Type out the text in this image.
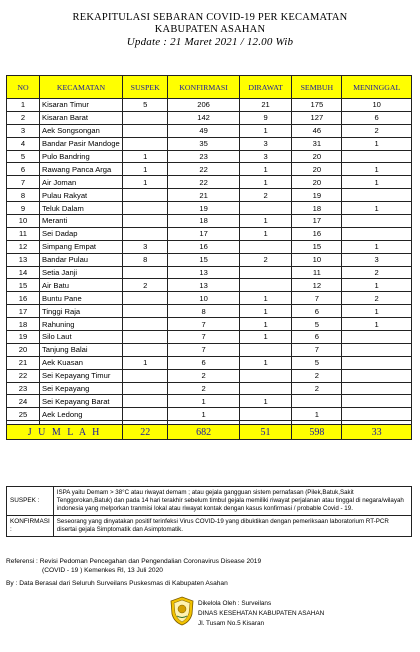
REKAPITULASI SEBARAN COVID-19 PER KECAMATAN
KABUPATEN ASAHAN
Update : 21 Maret 2021 / 12.00 Wib
NO	KECAMATAN	SUSPEK	KONFIRMASI	DIRAWAT	SEMBUH	MENINGGAL
1	Kisaran Timur	5	206	21	175	10
2	Kisaran Barat		142	9	127	6
3	Aek Songsongan		49	1	46	2
4	Bandar Pasir Mandoge		35	3	31	1
5	Pulo Bandring	1	23	3	20	
6	Rawang Panca Arga	1	22	1	20	1
7	Air Joman	1	22	1	20	1
8	Pulau Rakyat		21	2	19	
9	Teluk Dalam		19		18	1
10	Meranti		18	1	17	
11	Sei Dadap		17	1	16	
12	Simpang Empat	3	16		15	1
13	Bandar Pulau	8	15	2	10	3
14	Setia Janji		13		11	2
15	Air Batu	2	13		12	1
16	Buntu Pane		10	1	7	2
17	Tinggi Raja		8	1	6	1
18	Rahuning		7	1	5	1
19	Silo Laut		7	1	6	
20	Tanjung Balai		7		7	
21	Aek Kuasan	1	6	1	5	
22	Sei Kepayang Timur		2		2	
23	Sei Kepayang		2		2	
24	Sei Kepayang Barat		1	1		
25	Aek Ledong		1		1	

J U M L A H		22	682	51	598	33
SUSPEK :	ISPA yaitu Demam > 38°C atau riwayat demam ; atau gejala gangguan sistem pernafasan (Pilek,Batuk,Sakit Tenggorokan,Batuk) dan pada 14 hari terakhir sebelum timbul gejala memiliki riwayat perjalanan atau tinggal di negara/wilayah indonesia yang melporkan tranmisi lokal atau riwayat kontak dengan kasus konfirmasi / probable Covid - 19.
KONFIRMASI :	Seseorang yang dinyatakan positif terinfeksi Virus COVID-19 yang dibuktikan dengan pemeriksaan laboratorium RT-PCR disertai gejala Simptomatik dan Asimptomatik.
Referensi : Revisi Pedoman Pencegahan dan Pengendalian Coronavirus Disease 2019
(COVID - 19 ) Kemenkes RI, 13 Juli 2020
By : Data Berasal dari Seluruh Surveilans Puskesmas di Kabupaten Asahan
Dikelola Oleh : Surveilans
DINAS KESEHATAN KABUPATEN ASAHAN
Jl. Tusam No.5 Kisaran
